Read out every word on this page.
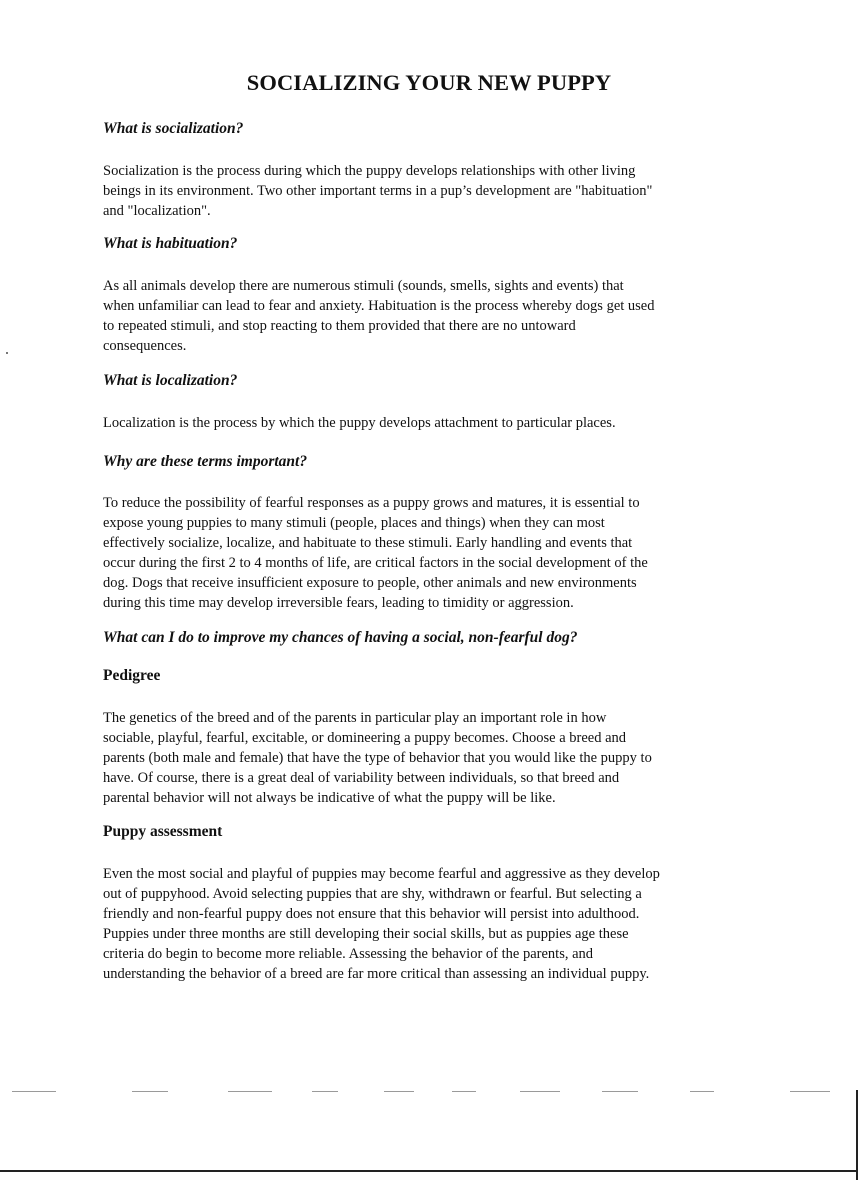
SOCIALIZING YOUR NEW PUPPY
What is socialization?
Socialization is the process during which the puppy develops relationships with other living
beings in its environment. Two other important terms in a pup’s development are "habituation"
and "localization".
What is habituation?
As all animals develop there are numerous stimuli (sounds, smells, sights and events) that
when unfamiliar can lead to fear and anxiety. Habituation is the process whereby dogs get used
to repeated stimuli, and stop reacting to them provided that there are no untoward
consequences.
What is localization?
Localization is the process by which the puppy develops attachment to particular places.
Why are these terms important?
To reduce the possibility of fearful responses as a puppy grows and matures, it is essential to
expose young puppies to many stimuli (people, places and things) when they can most
effectively socialize, localize, and habituate to these stimuli. Early handling and events that
occur during the first 2 to 4 months of life, are critical factors in the social development of the
dog. Dogs that receive insufficient exposure to people, other animals and new environments
during this time may develop irreversible fears, leading to timidity or aggression.
What can I do to improve my chances of having a social, non-fearful dog?
Pedigree
The genetics of the breed and of the parents in particular play an important role in how
sociable, playful, fearful, excitable, or domineering a puppy becomes. Choose a breed and
parents (both male and female) that have the type of behavior that you would like the puppy to
have. Of course, there is a great deal of variability between individuals, so that breed and
parental behavior will not always be indicative of what the puppy will be like.
Puppy assessment
Even the most social and playful of puppies may become fearful and aggressive as they develop
out of puppyhood. Avoid selecting puppies that are shy, withdrawn or fearful. But selecting a
friendly and non-fearful puppy does not ensure that this behavior will persist into adulthood.
Puppies under three months are still developing their social skills, but as puppies age these
criteria do begin to become more reliable. Assessing the behavior of the parents, and
understanding the behavior of a breed are far more critical than assessing an individual puppy.
